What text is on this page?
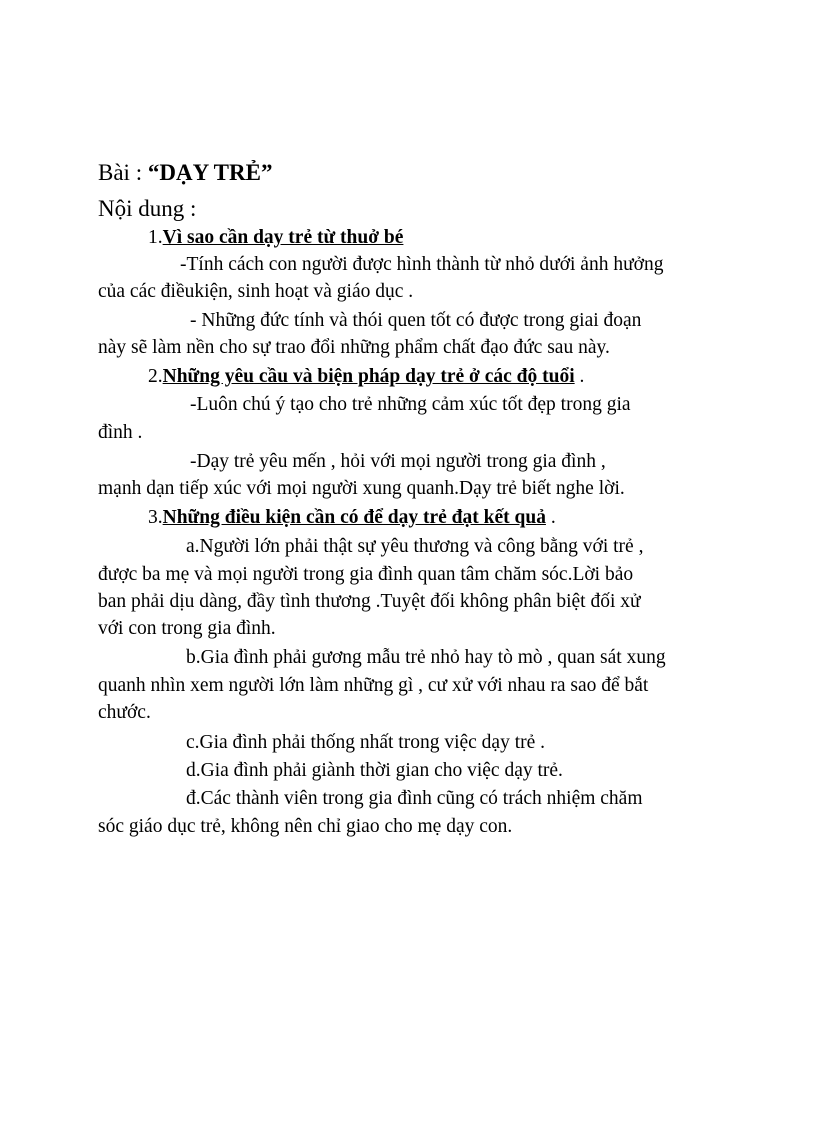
Bài : “DẠY TRẺ”
Nội dung :
1.Vì sao cần dạy trẻ từ thuở bé
-Tính cách con người được hình thành từ nhỏ dưới ảnh hưởng
của các điềukiện, sinh hoạt và giáo dục .
- Những đức tính và thói quen tốt có được trong giai đoạn
này sẽ làm nền cho sự trao đổi những phẩm chất đạo đức sau này.
2.Những yêu cầu và biện pháp dạy trẻ ở các độ tuổi .
-Luôn chú ý tạo cho trẻ những cảm xúc tốt đẹp trong gia
đình .
-Dạy trẻ yêu mến , hỏi với mọi người trong gia đình ,
mạnh dạn tiếp xúc với mọi người xung quanh.Dạy trẻ biết nghe lời.
3.Những điều kiện cần có để dạy trẻ đạt kết quả .
a.Người lớn phải thật sự yêu thương và công bằng với trẻ ,
được ba mẹ và mọi người trong gia đình quan tâm chăm sóc.Lời bảo
ban phải dịu dàng, đầy tình thương .Tuyệt đối không phân biệt đối xử
với con trong gia đình.
b.Gia đình phải gương mẫu trẻ nhỏ hay tò mò , quan sát xung
quanh nhìn xem người lớn làm những gì , cư xử với nhau ra sao để bắt
chước.
c.Gia đình phải thống nhất trong việc dạy trẻ .
d.Gia đình phải giành thời gian cho việc dạy trẻ.
đ.Các thành viên trong gia đình cũng có trách nhiệm chăm
sóc giáo dục trẻ, không nên chỉ giao cho mẹ dạy con.
